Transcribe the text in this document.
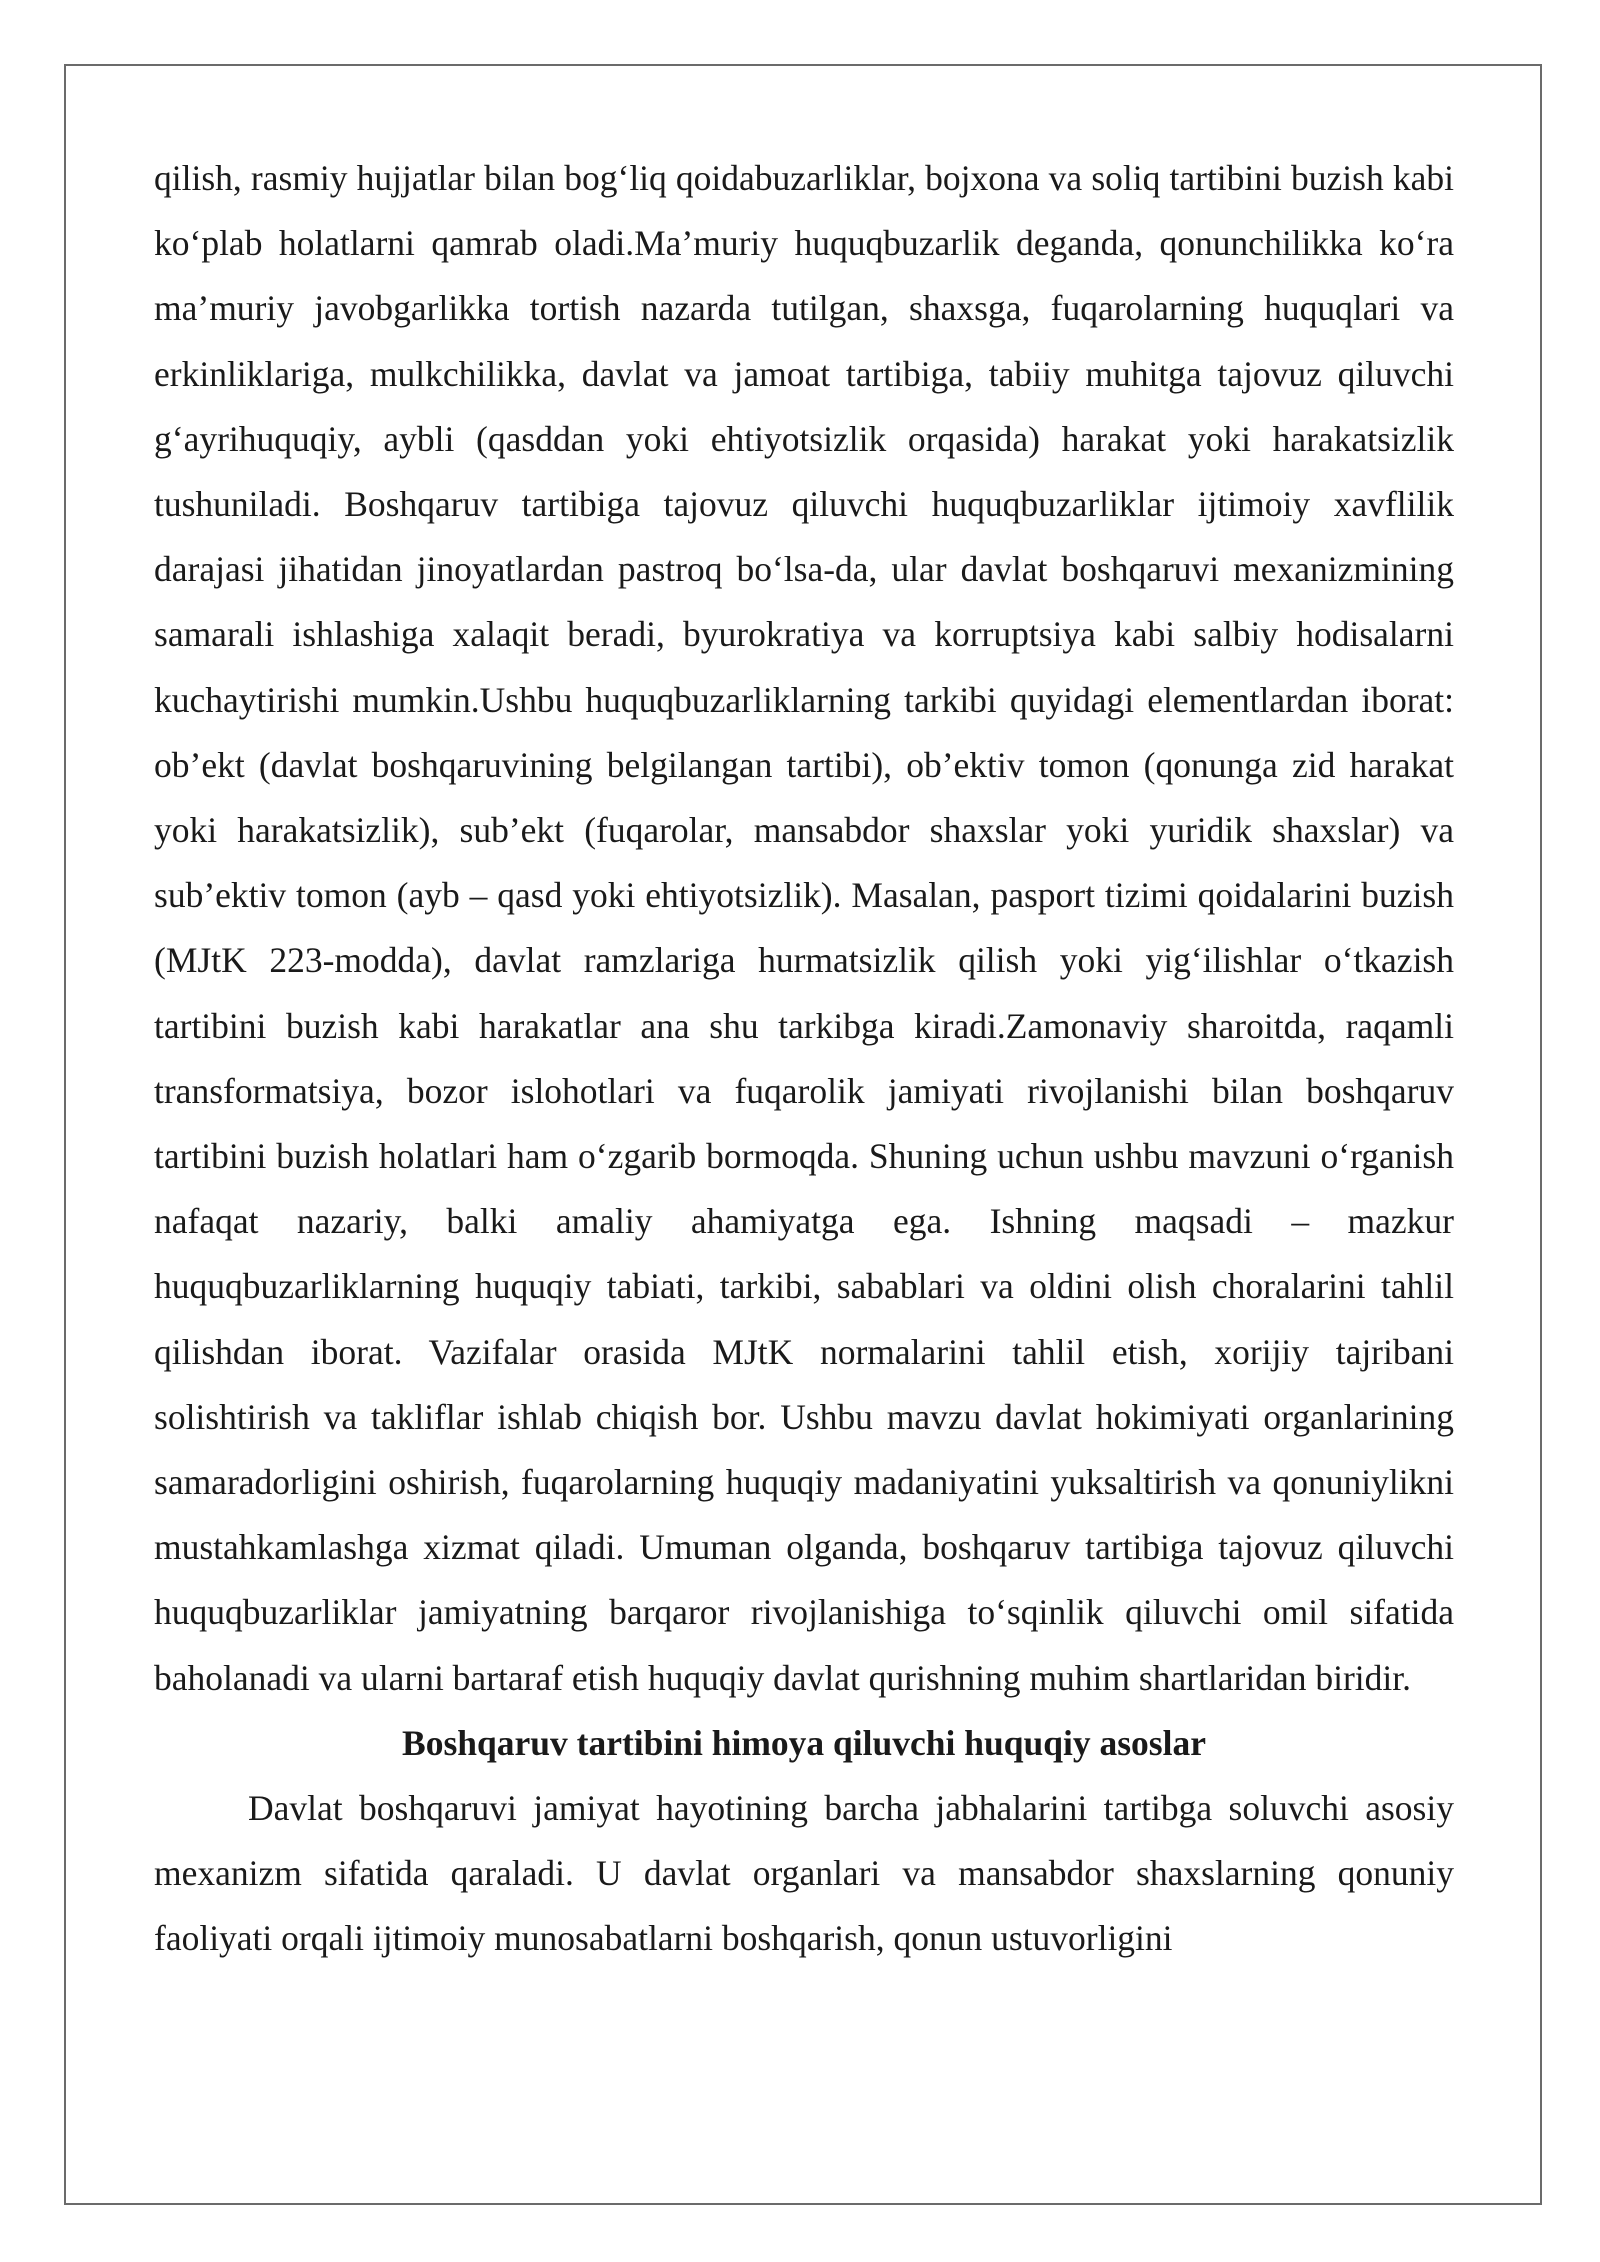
qilish, rasmiy hujjatlar bilan bog‘liq qoidabuzarliklar, bojxona va soliq tartibini buzish kabi ko‘plab holatlarni qamrab oladi.Ma’muriy huquqbuzarlik deganda, qonunchilikka ko‘ra ma’muriy javobgarlikka tortish nazarda tutilgan, shaxsga, fuqarolarning huquqlari va erkinliklariga, mulkchilikka, davlat va jamoat tartibiga, tabiiy muhitga tajovuz qiluvchi g‘ayrihuquqiy, aybli (qasddan yoki ehtiyotsizlik orqasida) harakat yoki harakatsizlik tushuniladi. Boshqaruv tartibiga tajovuz qiluvchi huquqbuzarliklar ijtimoiy xavflilik darajasi jihatidan jinoyatlardan pastroq bo‘lsa-da, ular davlat boshqaruvi mexanizmining samarali ishlashiga xalaqit beradi, byurokratiya va korruptsiya kabi salbiy hodisalarni kuchaytirishi mumkin.Ushbu huquqbuzarliklarning tarkibi quyidagi elementlardan iborat: ob’ekt (davlat boshqaruvining belgilangan tartibi), ob’ektiv tomon (qonunga zid harakat yoki harakatsizlik), sub’ekt (fuqarolar, mansabdor shaxslar yoki yuridik shaxslar) va sub’ektiv tomon (ayb – qasd yoki ehtiyotsizlik). Masalan, pasport tizimi qoidalarini buzish (MJtK 223-modda), davlat ramzlariga hurmatsizlik qilish yoki yig‘ilishlar o‘tkazish tartibini buzish kabi harakatlar ana shu tarkibga kiradi.Zamonaviy sharoitda, raqamli transformatsiya, bozor islohotlari va fuqarolik jamiyati rivojlanishi bilan boshqaruv tartibini buzish holatlari ham o‘zgarib bormoqda. Shuning uchun ushbu mavzuni o‘rganish nafaqat nazariy, balki amaliy ahamiyatga ega. Ishning maqsadi – mazkur huquqbuzarliklarning huquqiy tabiati, tarkibi, sabablari va oldini olish choralarini tahlil qilishdan iborat. Vazifalar orasida MJtK normalarini tahlil etish, xorijiy tajribani solishtirish va takliflar ishlab chiqish bor. Ushbu mavzu davlat hokimiyati organlarining samaradorligini oshirish, fuqarolarning huquqiy madaniyatini yuksaltirish va qonuniylikni mustahkamlashga xizmat qiladi. Umuman olganda, boshqaruv tartibiga tajovuz qiluvchi huquqbuzarliklar jamiyatning barqaror rivojlanishiga to‘sqinlik qiluvchi omil sifatida baholanadi va ularni bartaraf etish huquqiy davlat qurishning muhim shartlaridan biridir.

Boshqaruv tartibini himoya qiluvchi huquqiy asoslar

Davlat boshqaruvi jamiyat hayotining barcha jabhalarini tartibga soluvchi asosiy mexanizm sifatida qaraladi. U davlat organlari va mansabdor shaxslarning qonuniy faoliyati orqali ijtimoiy munosabatlarni boshqarish, qonun ustuvorligini
